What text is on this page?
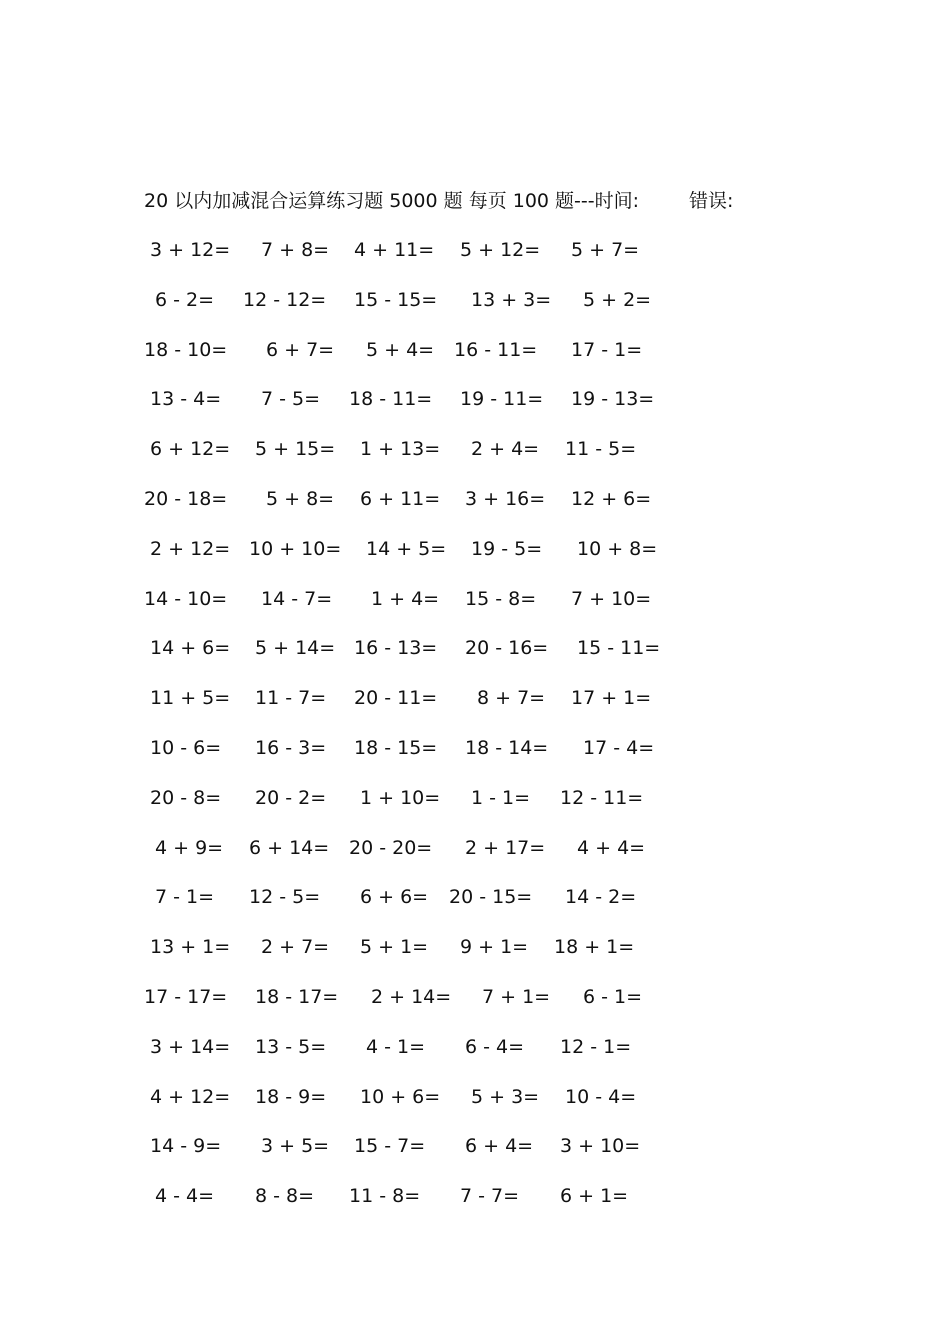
20 以内加减混合运算练习题 5000 题 每页 100 题---时间:	错误:
3 + 12= 7 + 8= 4 + 11= 5 + 12= 5 + 7=
6 - 2= 12 - 12= 15 - 15= 13 + 3= 5 + 2=
18 - 10= 6 + 7= 5 + 4= 16 - 11= 17 - 1=
13 - 4= 7 - 5= 18 - 11= 19 - 11= 19 - 13=
6 + 12= 5 + 15= 1 + 13= 2 + 4= 11 - 5=
20 - 18= 5 + 8= 6 + 11= 3 + 16= 12 + 6=
2 + 12= 10 + 10= 14 + 5= 19 - 5= 10 + 8=
14 - 10= 14 - 7= 1 + 4= 15 - 8= 7 + 10=
14 + 6= 5 + 14= 16 - 13= 20 - 16= 15 - 11=
11 + 5= 11 - 7= 20 - 11= 8 + 7= 17 + 1=
10 - 6= 16 - 3= 18 - 15= 18 - 14= 17 - 4=
20 - 8= 20 - 2= 1 + 10= 1 - 1= 12 - 11=
4 + 9= 6 + 14= 20 - 20= 2 + 17= 4 + 4=
7 - 1= 12 - 5= 6 + 6= 20 - 15= 14 - 2=
13 + 1= 2 + 7= 5 + 1= 9 + 1= 18 + 1=
17 - 17= 18 - 17= 2 + 14= 7 + 1= 6 - 1=
3 + 14= 13 - 5= 4 - 1= 6 - 4= 12 - 1=
4 + 12= 18 - 9= 10 + 6= 5 + 3= 10 - 4=
14 - 9= 3 + 5= 15 - 7= 6 + 4= 3 + 10=
4 - 4= 8 - 8= 11 - 8= 7 - 7= 6 + 1=
